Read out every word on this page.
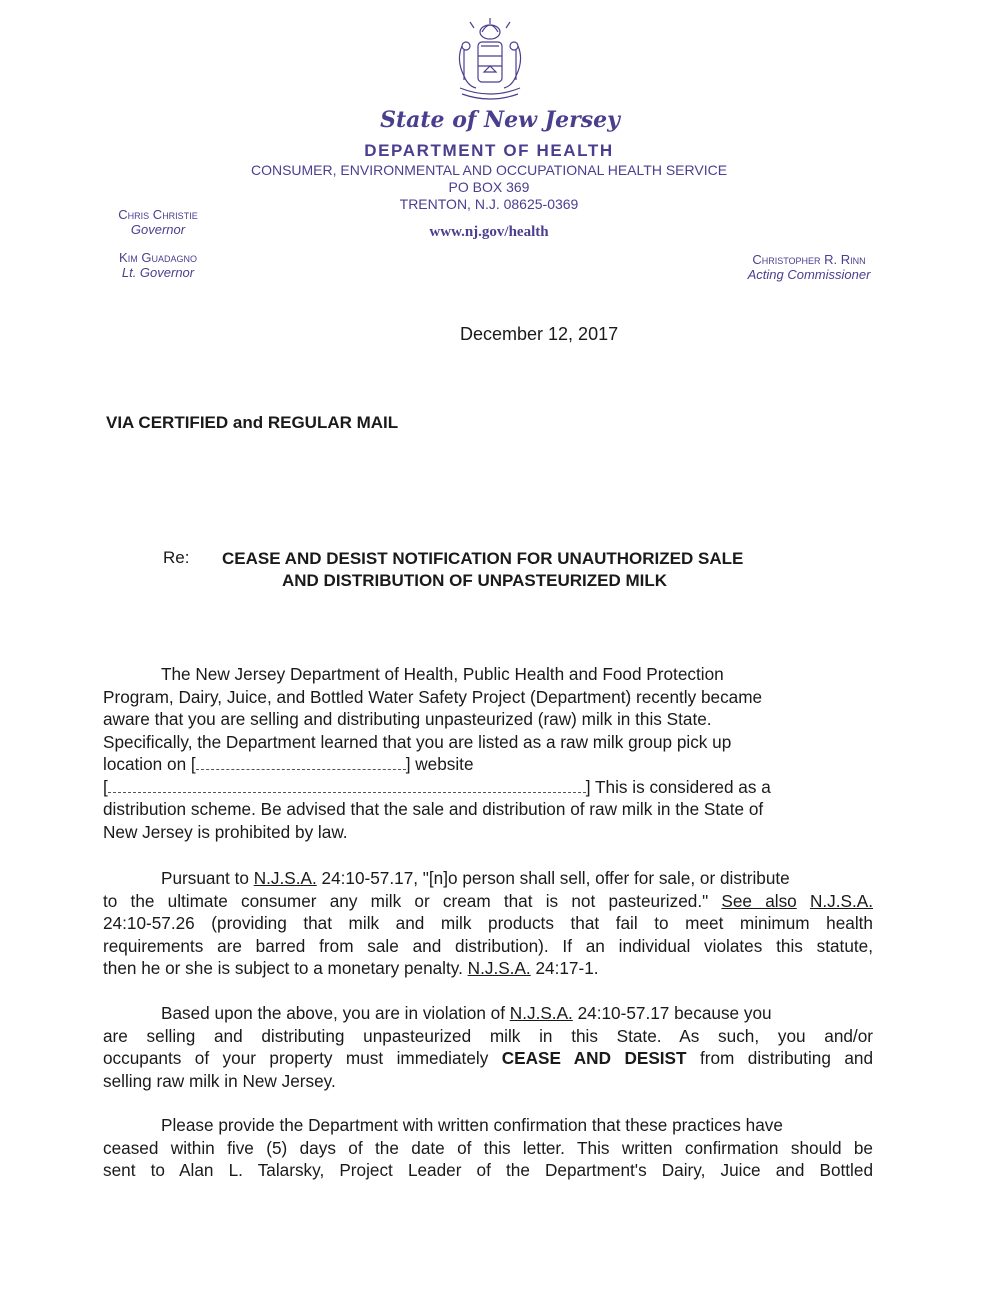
State of New Jersey
DEPARTMENT OF HEALTH
CONSUMER, ENVIRONMENTAL AND OCCUPATIONAL HEALTH SERVICE
PO BOX 369
TRENTON, N.J. 08625-0369
www.nj.gov/health
Chris Christie
Governor
Kim Guadagno
Lt. Governor
Christopher R. Rinn
Acting Commissioner
December 12, 2017
VIA CERTIFIED and REGULAR MAIL
Re: CEASE AND DESIST NOTIFICATION FOR UNAUTHORIZED SALE
AND DISTRIBUTION OF UNPASTEURIZED MILK
The New Jersey Department of Health, Public Health and Food Protection
Program, Dairy, Juice, and Bottled Water Safety Project (Department) recently became
aware that you are selling and distributing unpasteurized (raw) milk in this State.
Specifically, the Department learned that you are listed as a raw milk group pick up
location on [	] website
[	] This is considered as a
distribution scheme. Be advised that the sale and distribution of raw milk in the State of
New Jersey is prohibited by law.
Pursuant to N.J.S.A. 24:10-57.17, "[n]o person shall sell, offer for sale, or distribute
to the ultimate consumer any milk or cream that is not pasteurized." See also N.J.S.A.
24:10-57.26 (providing that milk and milk products that fail to meet minimum health
requirements are barred from sale and distribution). If an individual violates this statute,
then he or she is subject to a monetary penalty. N.J.S.A. 24:17-1.
Based upon the above, you are in violation of N.J.S.A. 24:10-57.17 because you
are selling and distributing unpasteurized milk in this State. As such, you and/or
occupants of your property must immediately CEASE AND DESIST from distributing and
selling raw milk in New Jersey.
Please provide the Department with written confirmation that these practices have
ceased within five (5) days of the date of this letter. This written confirmation should be
sent to Alan L. Talarsky, Project Leader of the Department's Dairy, Juice and Bottled
